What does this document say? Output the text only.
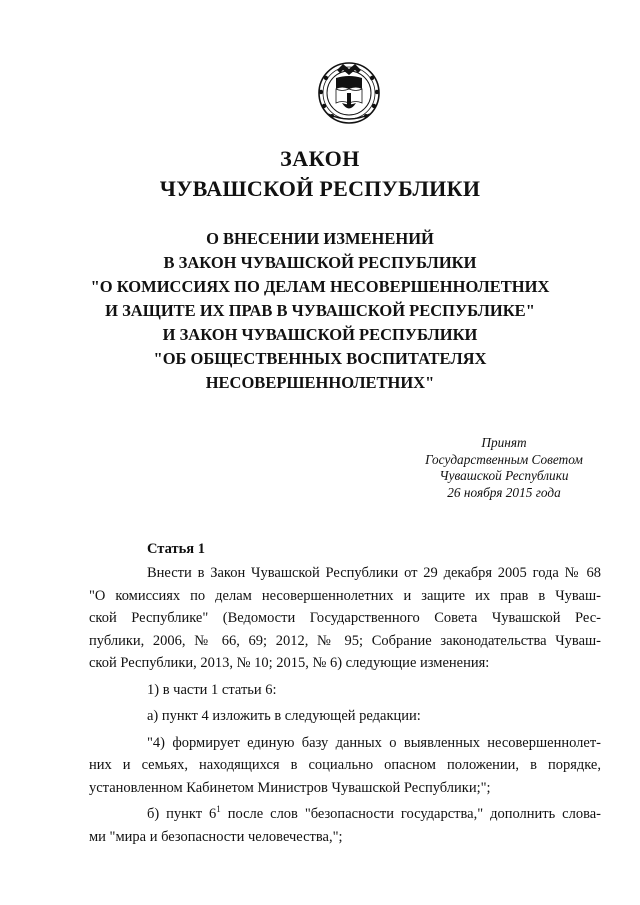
ЗАКОН
ЧУВАШСКОЙ РЕСПУБЛИКИ
О ВНЕСЕНИИ ИЗМЕНЕНИЙ
В ЗАКОН ЧУВАШСКОЙ РЕСПУБЛИКИ
"О КОМИССИЯХ ПО ДЕЛАМ НЕСОВЕРШЕННОЛЕТНИХ
И ЗАЩИТЕ ИХ ПРАВ В ЧУВАШСКОЙ РЕСПУБЛИКЕ"
И ЗАКОН ЧУВАШСКОЙ РЕСПУБЛИКИ
"ОБ ОБЩЕСТВЕННЫХ ВОСПИТАТЕЛЯХ
НЕСОВЕРШЕННОЛЕТНИХ"
Принят
Государственным Советом
Чувашской Республики
26 ноября 2015 года
Статья 1
Внести в Закон Чувашской Республики от 29 декабря 2005 года № 68
"О комиссиях по делам несовершеннолетних и защите их прав в Чуваш-
ской Республике" (Ведомости Государственного Совета Чувашской Рес-
публики, 2006, № 66, 69; 2012, № 95; Собрание законодательства Чуваш-
ской Республики, 2013, № 10; 2015, № 6) следующие изменения:
1) в части 1 статьи 6:
а) пункт 4 изложить в следующей редакции:
"4) формирует единую базу данных о выявленных несовершеннолет-
них и семьях, находящихся в социально опасном положении, в порядке,
установленном Кабинетом Министров Чувашской Республики;";
б) пункт $6^1$ после слов "безопасности государства," дополнить слова-
ми "мира и безопасности человечества,";
